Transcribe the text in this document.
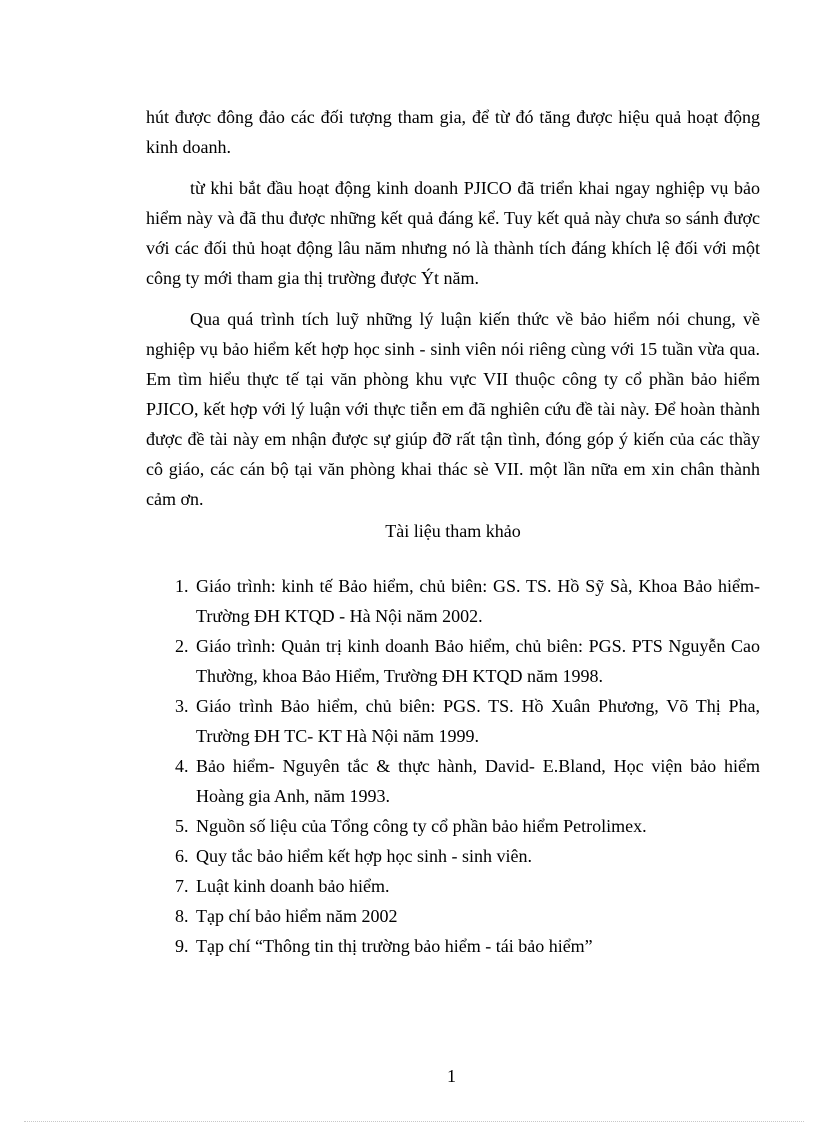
hút được đông đảo các đối tượng tham gia, để từ đó tăng được hiệu quả hoạt động kinh doanh.

từ khi bắt đầu hoạt động kinh doanh PJICO đã triển khai ngay nghiệp vụ bảo hiểm này và đã thu được những kết quả đáng kể. Tuy kết quả này chưa so sánh được với các đối thủ hoạt động lâu năm nhưng nó là thành tích đáng khích lệ đối với một công ty mới tham gia thị trường được Ýt năm.

Qua quá trình tích luỹ những lý luận kiến thức về bảo hiểm nói chung, về nghiệp vụ bảo hiểm kết hợp học sinh - sinh viên nói riêng cùng với 15 tuần vừa qua. Em tìm hiểu thực tế tại văn phòng khu vực VII thuộc công ty cổ phần bảo hiểm PJICO, kết hợp với lý luận với thực tiễn em đã nghiên cứu đề tài này. Để hoàn thành được đề tài này em nhận được sự giúp đỡ rất tận tình, đóng góp ý kiến của các thầy cô giáo, các cán bộ tại văn phòng khai thác sè VII. một lần nữa em xin chân thành cảm ơn.

Tài liệu tham khảo
1. Giáo trình: kinh tế Bảo hiểm, chủ biên: GS. TS. Hồ Sỹ Sà, Khoa Bảo hiểm- Trường ĐH KTQD - Hà Nội năm 2002.
2. Giáo trình: Quản trị kinh doanh Bảo hiểm, chủ biên: PGS. PTS Nguyễn Cao Thường, khoa Bảo Hiểm, Trường ĐH KTQD năm 1998.
3. Giáo trình Bảo hiểm, chủ biên: PGS. TS. Hồ Xuân Phương, Võ Thị Pha, Trường ĐH TC- KT Hà Nội năm 1999.
4. Bảo hiểm- Nguyên tắc & thực hành, David- E.Bland, Học viện bảo hiểm Hoàng gia Anh, năm 1993.
5. Nguồn số liệu của Tổng công ty cổ phần bảo hiểm Petrolimex.
6. Quy tắc bảo hiểm kết hợp học sinh - sinh viên.
7. Luật kinh doanh bảo hiểm.
8. Tạp chí bảo hiểm năm 2002
9. Tạp chí “Thông tin thị trường bảo hiểm - tái bảo hiểm”
1
